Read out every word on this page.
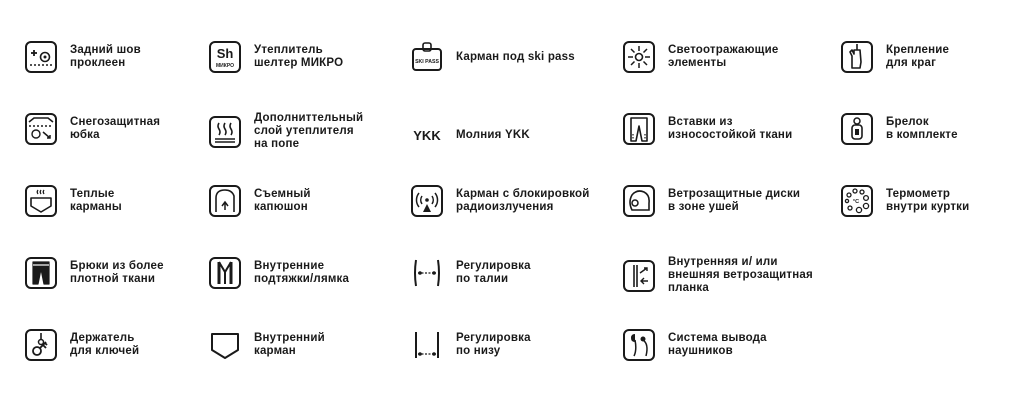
Задний шов
проклеен
Sh
МИКРО
Утеплитель
шелтер МИКРО	SKI PASS Карман под ski pass
Светоотражающие
элементы
Крепление
для краг
Снегозащитная
юбка
Дополниттельный
слой утеплителя
на попе
YKK Молния YKK
Вставки из
износостойкой ткани
Брелок
в комплекте
Теплые
карманы
Съемный
капюшон
Карман с блокировкой
радиоизлучения
Ветрозащитные диски
в зоне ушей	°C
Термометр
внутри куртки
Брюки из более
плотной ткани
Внутренние
подтяжки/лямка
Регулировка
по талии
Внутренняя и/ или
внешняя ветрозащитная
планка
Держатель
для ключей
Внутренний
карман
Регулировка
по низу
Система вывода
наушников
